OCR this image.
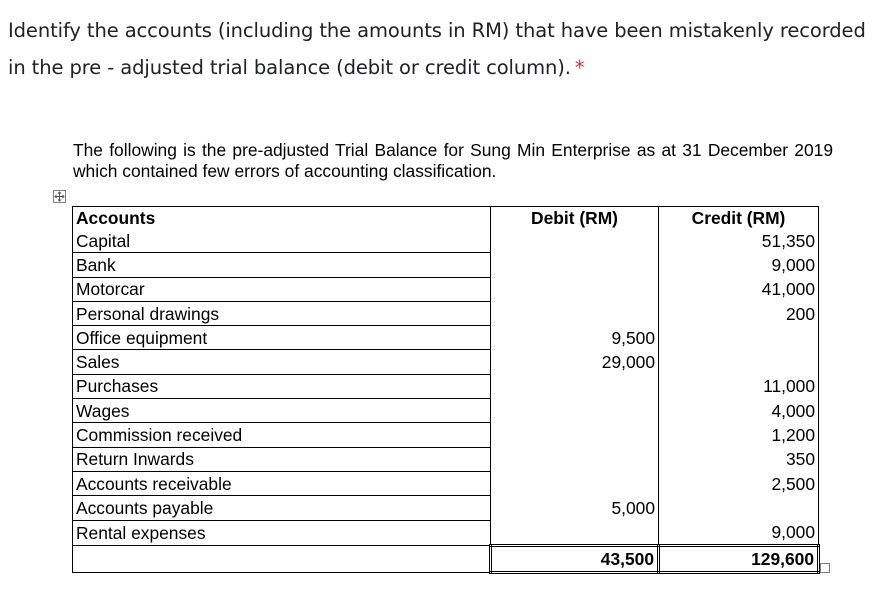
Identify the accounts (including the amounts in RM) that have been mistakenly recorded in the pre - adjusted trial balance (debit or credit column). *
The following is the pre-adjusted Trial Balance for Sung Min Enterprise as at 31 December 2019 which contained few errors of accounting classification.
Accounts	Debit (RM)	Credit (RM)
Capital		51,350
Bank		9,000
Motorcar		41,000
Personal drawings		200
Office equipment	9,500	
Sales	29,000	
Purchases		11,000
Wages		4,000
Commission received		1,200
Return Inwards		350
Accounts receivable		2,500
Accounts payable	5,000	
Rental expenses		9,000
	43,500	129,600
